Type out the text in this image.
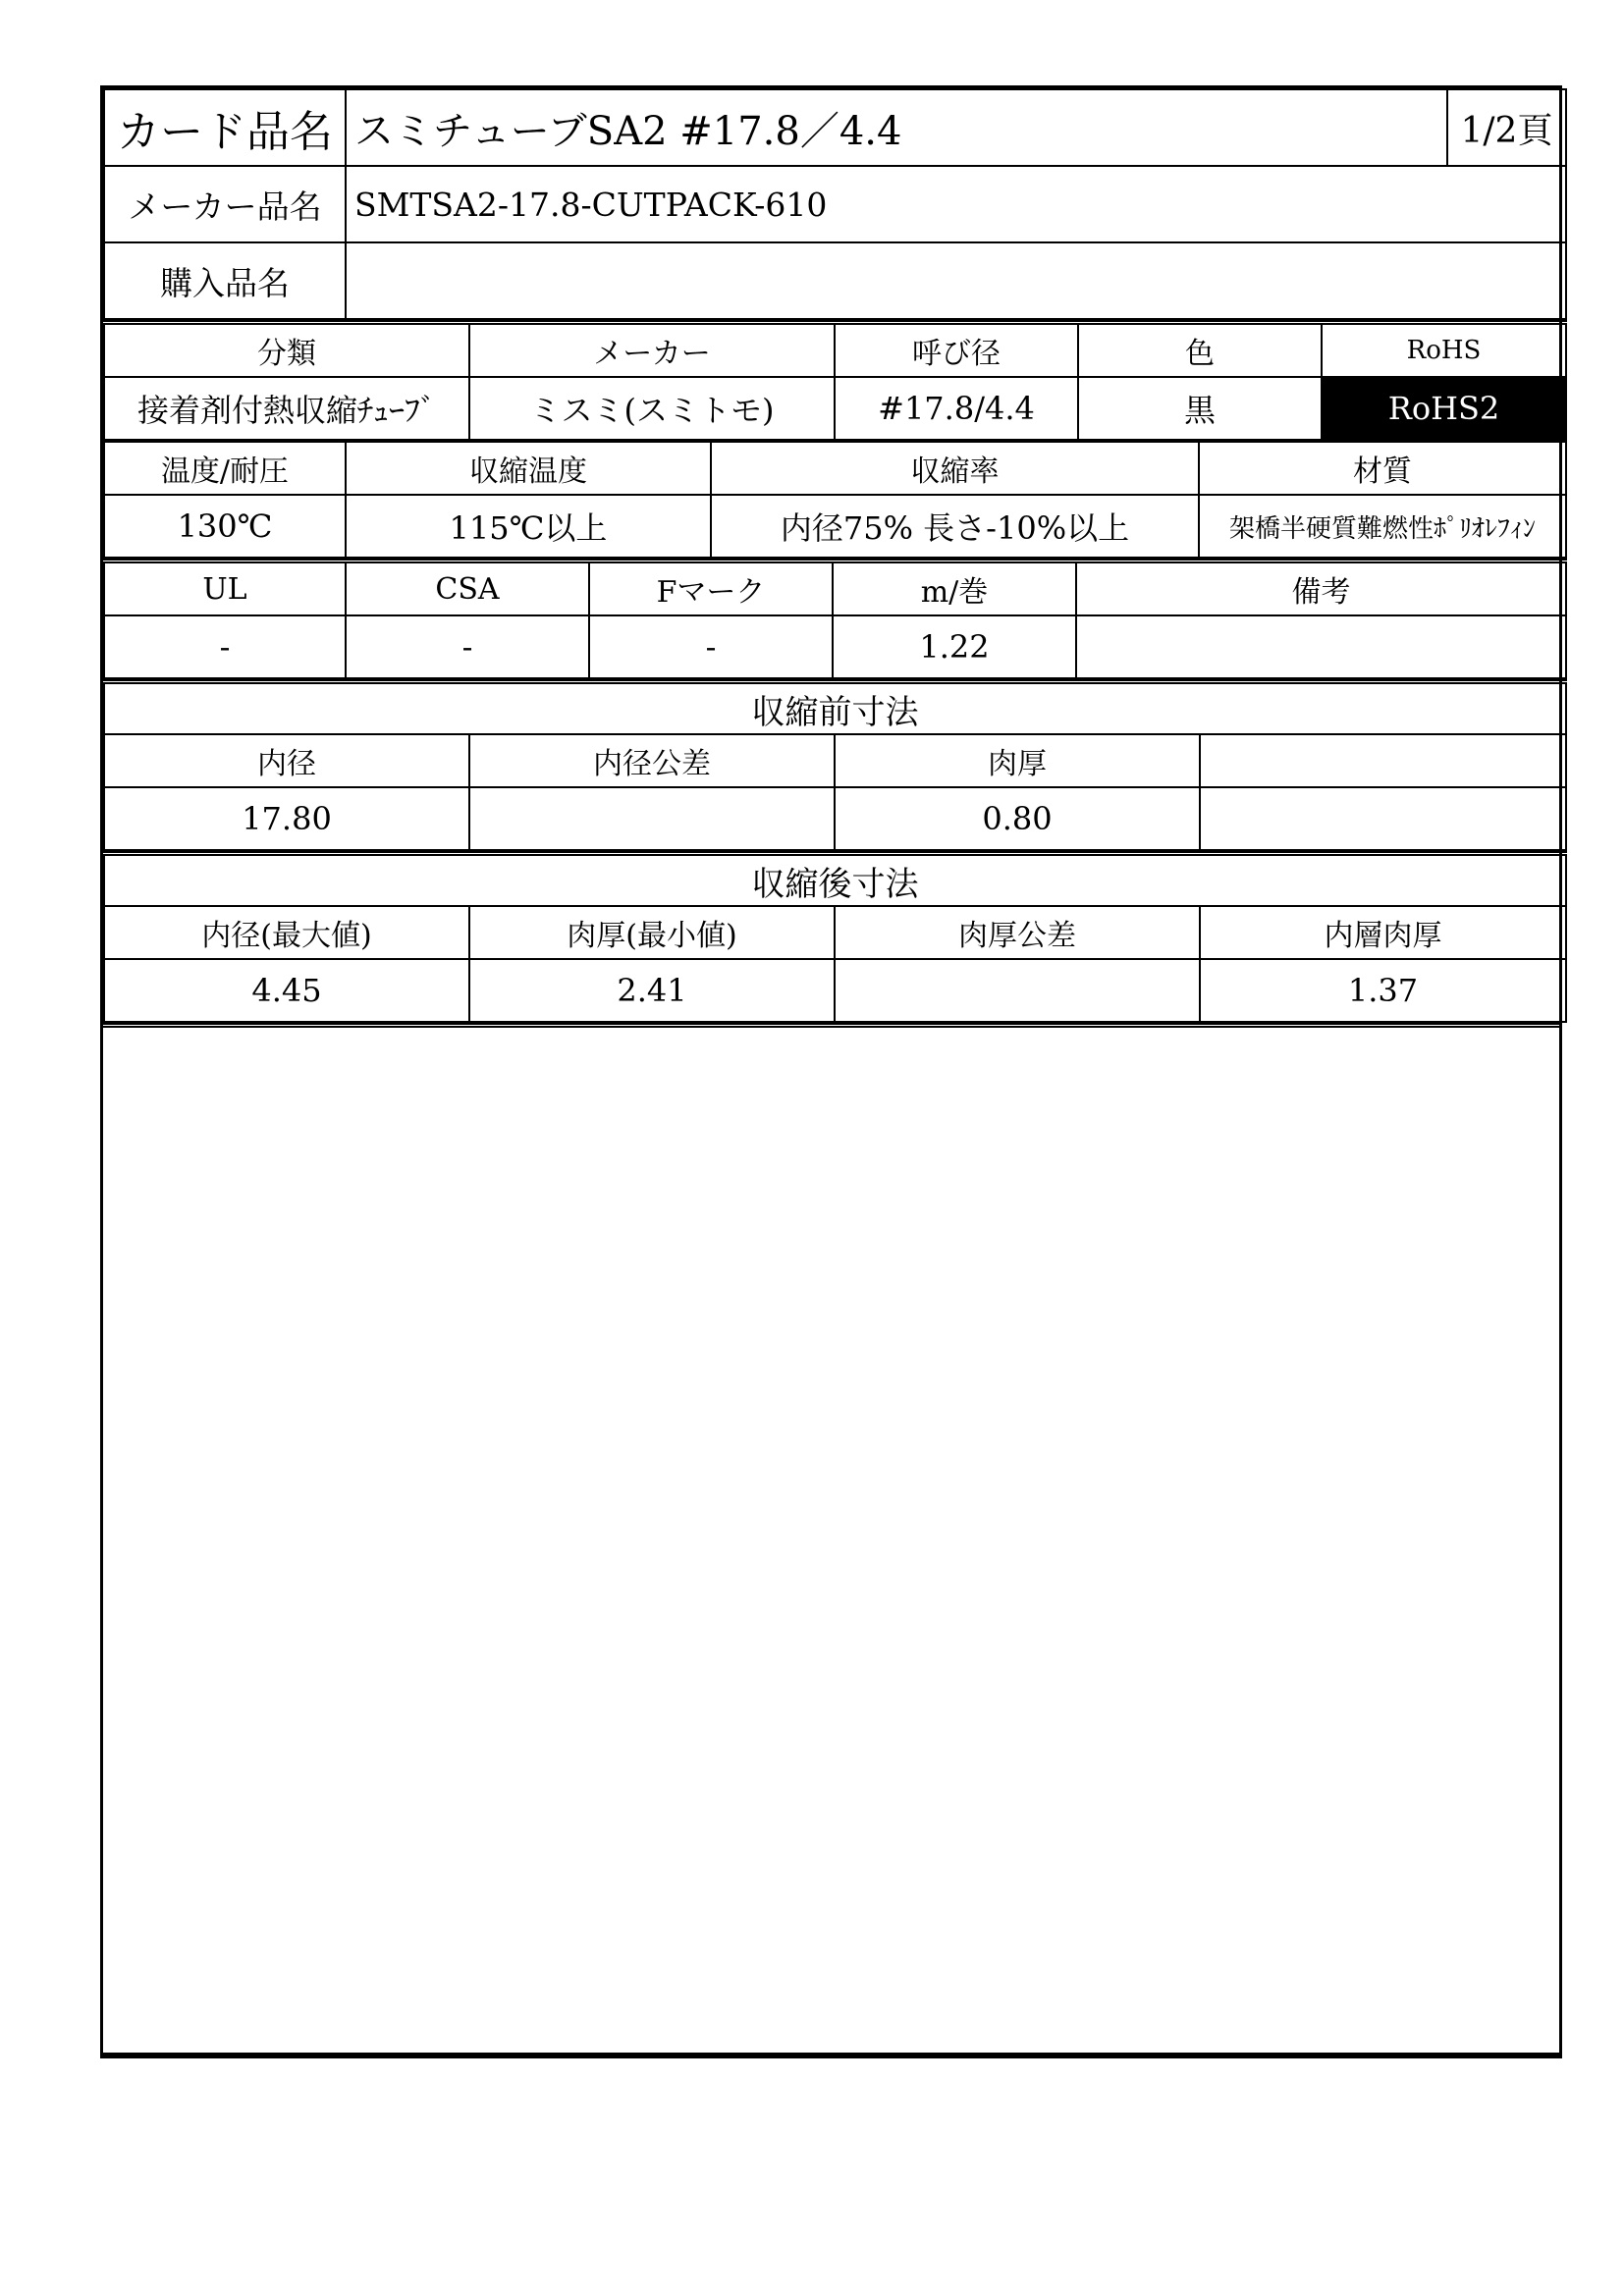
カード品名	スミチューブSA2 #17.8／4.4	1/2頁
メーカー品名	SMTSA2-17.8-CUTPACK-610	
購入品名		
分類	メーカー	呼び径	色	RoHS
接着剤付熱収縮ﾁｭｰﾌﾞ	ミスミ(スミトモ)	#17.8/4.4	黒	RoHS2
温度/耐圧	収縮温度	収縮率	材質
130℃	115℃以上	内径75% 長さ-10%以上	架橋半硬質難燃性ﾎﾟﾘｵﾚﾌｨﾝ
UL	CSA	Fマーク	m/巻	備考
-	-	-	1.22	
収縮前寸法			
内径	内径公差	肉厚	
17.80		0.80	
収縮後寸法			
内径(最大値)	肉厚(最小値)	肉厚公差	内層肉厚
4.45	2.41		1.37
